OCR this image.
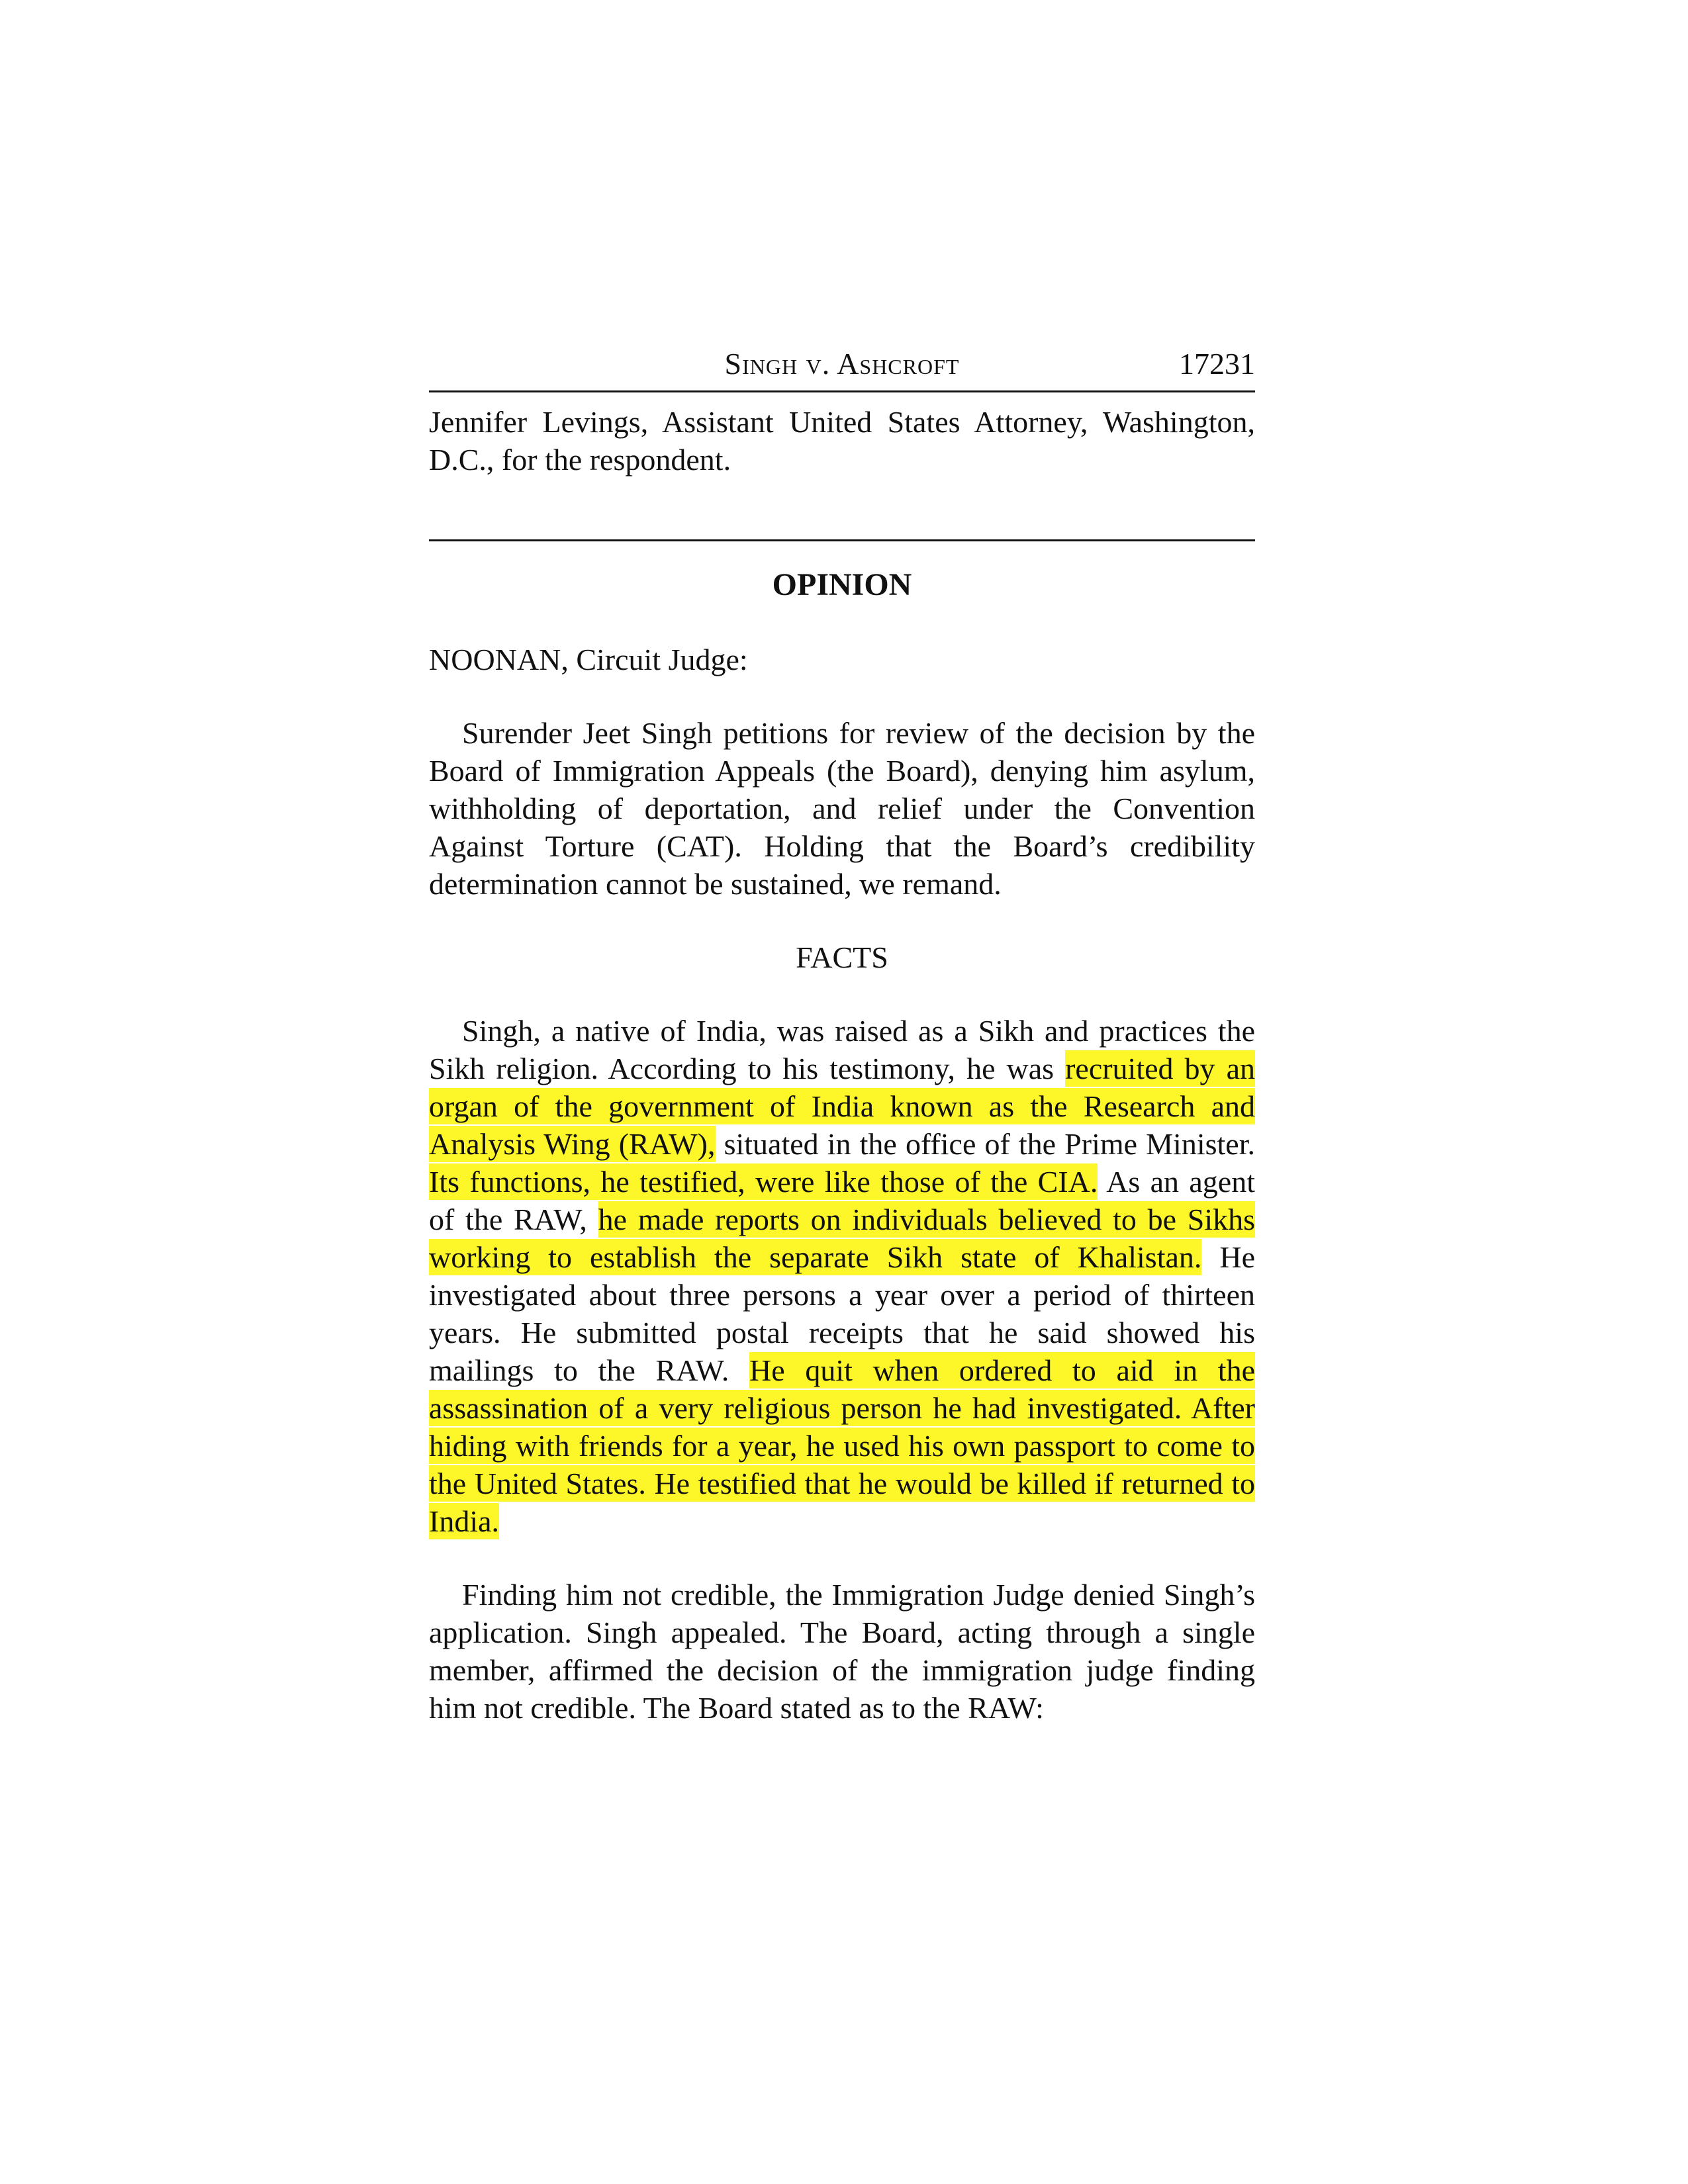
Singh v. Ashcroft	17231

Jennifer Levings, Assistant United States Attorney, Washington, D.C., for the respondent.

OPINION
NOONAN, Circuit Judge:

Surender Jeet Singh petitions for review of the decision by the Board of Immigration Appeals (the Board), denying him asylum, withholding of deportation, and relief under the Convention Against Torture (CAT). Holding that the Board’s credibility determination cannot be sustained, we remand.

FACTS

Singh, a native of India, was raised as a Sikh and practices the Sikh religion. According to his testimony, he was recruited by an organ of the government of India known as the Research and Analysis Wing (RAW), situated in the office of the Prime Minister. Its functions, he testified, were like those of the CIA. As an agent of the RAW, he made reports on individuals believed to be Sikhs working to establish the separate Sikh state of Khalistan. He investigated about three persons a year over a period of thirteen years. He submitted postal receipts that he said showed his mailings to the RAW. He quit when ordered to aid in the assassination of a very religious person he had investigated. After hiding with friends for a year, he used his own passport to come to the United States. He testified that he would be killed if returned to India.

Finding him not credible, the Immigration Judge denied Singh’s application. Singh appealed. The Board, acting through a single member, affirmed the decision of the immigration judge finding him not credible. The Board stated as to the RAW:
